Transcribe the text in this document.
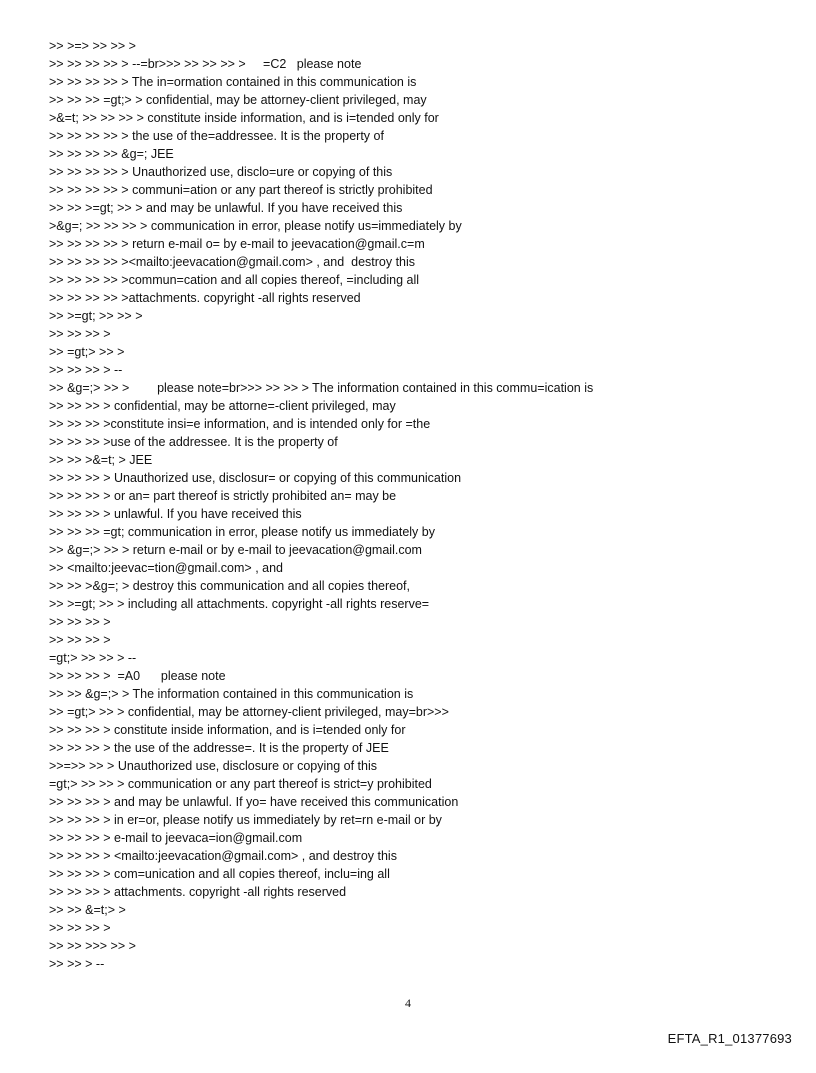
>> >=> >> >> >
>> >> >> >> > --=br>>> >> >> >> >     =C2   please note
>> >> >> >> > The in=ormation contained in this communication is
>> >> >> =gt;> > confidential, may be attorney-client privileged, may
>&=t; >> >> >> > constitute inside information, and is i=tended only for
>> >> >> >> > the use of the=addressee. It is the property of
>> >> >> >> &g=; JEE
>> >> >> >> > Unauthorized use, disclo=ure or copying of this
>> >> >> >> > communi=ation or any part thereof is strictly prohibited
>> >> >=gt; >> > and may be unlawful. If you have received this
>&g=; >> >> >> > communication in error, please notify us=immediately by
>> >> >> >> > return e-mail o= by e-mail to jeevacation@gmail.c=m
>> >> >> >> ><mailto:jeevacation@gmail.com> , and  destroy this
>> >> >> >> >commun=cation and all copies thereof, =including all
>> >> >> >> >attachments. copyright -all rights reserved
>> >=gt; >> >> >
>> >> >> >
>> =gt;> >> >
>> >> >> > --
>> &g=;> >> >        please note=br>>> >> >> > The information contained in this commu=ication is
>> >> >> > confidential, may be attorne=-client privileged, may
>> >> >> >constitute insi=e information, and is intended only for =the
>> >> >> >use of the addressee. It is the property of
>> >> >&=t; > JEE
>> >> >> > Unauthorized use, disclosur= or copying of this communication
>> >> >> > or an= part thereof is strictly prohibited an= may be
>> >> >> > unlawful. If you have received this
>> >> >> =gt; communication in error, please notify us immediately by
>> &g=;> >> > return e-mail or by e-mail to jeevacation@gmail.com
>> <mailto:jeevac=tion@gmail.com> , and
>> >> >&g=; > destroy this communication and all copies thereof,
>> >=gt; >> > including all attachments. copyright -all rights reserve=
>> >> >> >
>> >> >> >
=gt;> >> >> > --
>> >> >> >  =A0      please note
>> >> &g=;> > The information contained in this communication is
>> =gt;> >> > confidential, may be attorney-client privileged, may=br>>>
>> >> >> > constitute inside information, and is i=tended only for
>> >> >> > the use of the addresse=. It is the property of JEE
>>=>> >> > Unauthorized use, disclosure or copying of this
=gt;> >> >> > communication or any part thereof is strict=y prohibited
>> >> >> > and may be unlawful. If yo= have received this communication
>> >> >> > in er=or, please notify us immediately by ret=rn e-mail or by
>> >> >> > e-mail to jeevaca=ion@gmail.com
>> >> >> > <mailto:jeevacation@gmail.com> , and destroy this
>> >> >> > com=unication and all copies thereof, inclu=ing all
>> >> >> > attachments. copyright -all rights reserved
>> >> &=t;> >
>> >> >> >
>> >> >>> >> >
>> >> > --
4
EFTA_R1_01377693
